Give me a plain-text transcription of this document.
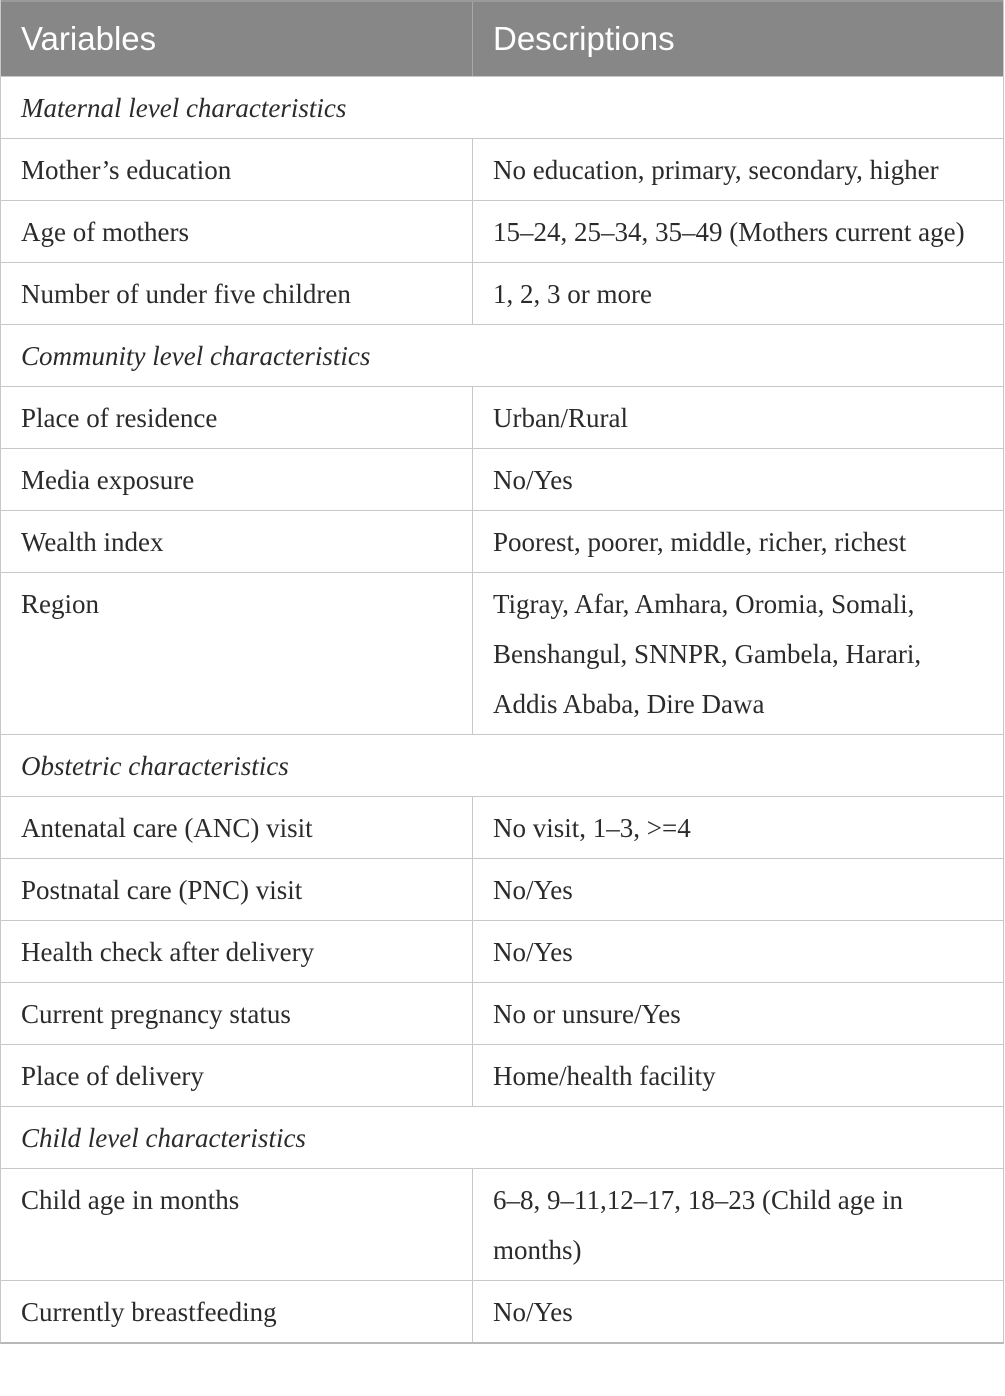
Variables	Descriptions
Maternal level characteristics
Mother’s education	No education, primary, secondary, higher
Age of mothers	15–24, 25–34, 35–49 (Mothers current age)
Number of under five children	1, 2, 3 or more
Community level characteristics
Place of residence	Urban/Rural
Media exposure	No/Yes
Wealth index	Poorest, poorer, middle, richer, richest
Region	Tigray, Afar, Amhara, Oromia, Somali, Benshangul, SNNPR, Gambela, Harari, Addis Ababa, Dire Dawa
Obstetric characteristics
Antenatal care (ANC) visit	No visit, 1–3, >=4
Postnatal care (PNC) visit	No/Yes
Health check after delivery	No/Yes
Current pregnancy status	No or unsure/Yes
Place of delivery	Home/health facility
Child level characteristics
Child age in months	6–8, 9–11,12–17, 18–23 (Child age in months)
Currently breastfeeding	No/Yes
